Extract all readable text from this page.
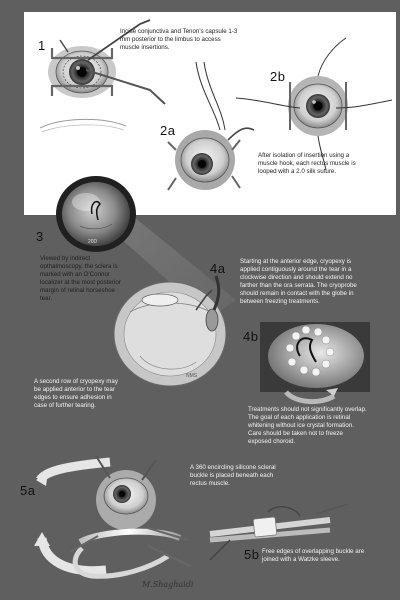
1
2a
2b
3
4a
4b
5a
5b

Incise conjunctiva and Tenon's capsule 1-3 mm posterior to the limbus to access muscle insertions.

After isolation of insertion using a muscle hook, each rectus muscle is looped with a 2.0 silk suture.

Viewed by indirect opthalmoscopy, the sclera is marked with an O'Connor localizer at the most posterior margin of retinal horseshoe tear.

Starting at the anterior edge, cryopexy is applied contiguously around the tear in a clockwise direction and should extend no farther than the ora serrata. The cryoprobe should remain in contact with the globe in between freezing treatments.

Treatments should not significantly overlap. The goal of each application is retinal whitening without ice crystal formation. Care should be taken not to freeze exposed choroid.

A second row of cryopexy may be applied anterior to the tear edges to ensure adhesion in case of further tearing.

A 360 encircling silicone scleral buckle is placed beneath each rectus muscle.

Free edges of overlapping buckle are joined with a Watzke sleeve.

20D
NMS
M.Shaghaidi
